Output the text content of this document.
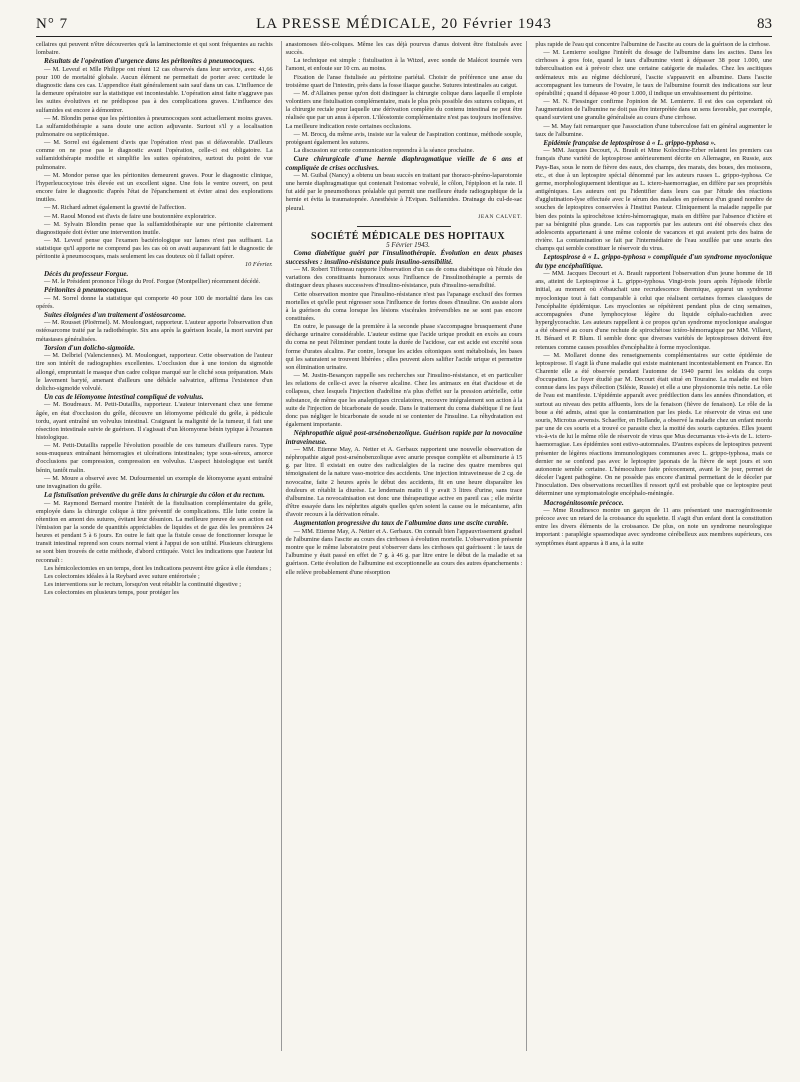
N° 7	LA PRESSE MÉDICALE, 20 Février 1943	83

cellaires qui peuvent n'être découvertes qu'à la laminectomie et qui sont fréquentes au rachis lombaire.

Résultats de l'opération d'urgence dans les péritonites à pneumocoques.

— M. Leveuf et Mlle Philippe ont réuni 12 cas observés dans leur service, avec 41,66 pour 100 de mortalité globale. Aucun élément ne permettait de porter avec certitude le diagnostic dans ces cas. L'appendice était généralement sain sauf dans un cas. L'influence de la demeure opératoire sur la statistique est incontestable. L'opération ainsi faite n'aggrave pas les suites évolutives et ne prédispose pas à des complications graves. L'influence des sulfamides est encore à démontrer.

— M. Blondin pense que les péritonites à pneumocoques sont actuellement moins graves. La sulfamidothérapie a sans doute une action adjuvante. Surtout s'il y a localisation pulmonaire ou septicémique.

— M. Sorrel est également d'avis que l'opération n'est pas si défavorable. D'ailleurs comme on ne pose pas le diagnostic avant l'opération, celle-ci est obligatoire. La sulfamidothérapie modifie et simplifie les suites opératoires, surtout du point de vue pulmonaire.

— M. Mondor pense que les péritonites demeurent graves. Pour le diagnostic clinique, l'hyperleucocytose très élevée est un excellent signe. Une fois le ventre ouvert, on peut encore faire le diagnostic d'après l'état de l'épanchement et éviter ainsi des explorations inutiles.

— M. Richard admet également la gravité de l'affection.

— M. Raoul Monod est d'avis de faire une boutonnière exploratrice.

— M. Sylvain Blondin pense que la sulfamidothérapie sur une péritonite clairement diagnostiquée doit éviter une intervention inutile.

— M. Leveuf pense que l'examen bactériologique sur lames n'est pas suffisant. La statistique qu'il apporte ne comprend pas les cas où on avait auparavant fait le diagnostic de péritonite à pneumocoques, mais seulement les cas douteux où il fallait opérer.

10 Février.

Décès du professeur Forgue.

— M. le Président prononce l'éloge du Prof. Forgue (Montpellier) récemment décédé.

Péritonites à pneumocoques.

— M. Sorrel donne la statistique qui comporte 40 pour 100 de mortalité dans les cas opérés.

Suites éloignées d'un traitement d'ostéosarcome.

— M. Rousset (Ploërmel). M. Moulonguet, rapporteur. L'auteur apporte l'observation d'un ostéosarcome traité par la radiothérapie. Six ans après la guérison locale, la mort survint par métastases généralisées.

Torsion d'un dolicho-sigmoïde.

— M. Delbriel (Valenciennes). M. Moulonguet, rapporteur. Cette observation de l'auteur tire son intérêt de radiographies excellentes. L'occlusion due à une torsion du sigmoïde allongé, empruntait le masque d'un cadre colique marqué sur le cliché sous préparation. Mais le lavement baryté, amenant d'ailleurs une débâcle salvatrice, affirma l'existence d'un dolicho-sigmoïde volvulé.

Un cas de léiomyome intestinal compliqué de volvulus.

— M. Boudreaux. M. Petit-Dutaillis, rapporteur. L'auteur intervenant chez une femme âgée, en état d'occlusion du grêle, découvre un léiomyome pédiculé du grêle, à pédicule tordu, ayant entraîné un volvulus intestinal. Craignant la malignité de la tumeur, il fait une résection intestinale suivie de guérison. Il s'agissait d'un léiomyome bénin typique à l'examen histologique.

— M. Petit-Dutaillis rappelle l'évolution possible de ces tumeurs d'ailleurs rares. Type sous-muqueux entraînant hémorragies et ulcérations intestinales; type sous-séreux, amorce d'occlusions par compression, compression en volvulus. L'aspect histologique est tantôt bénin, tantôt malin.

— M. Moure a observé avec M. Dufourmentel un exemple de léiomyome ayant entraîné une invagination du grêle.

La fistulisation préventive du grêle dans la chirurgie du côlon et du rectum.

— M. Raymond Bernard montre l'intérêt de la fistulisation complémentaire du grêle, employée dans la chirurgie colique à titre préventif de complications. Elle lutte contre la rétention en amont des sutures, évitant leur désunion. La meilleure preuve de son action est l'émission par la sonde de quantités appréciables de liquides et de gaz dès les premières 24 heures et pendant 5 à 6 jours. En outre le fait que la fistule cesse de fonctionner lorsque le transit intestinal reprend son cours normal vient à l'appui de son utilité. Plusieurs chirurgiens se sont bien trouvés de cette méthode, d'abord critiquée. Voici les indications que l'auteur lui reconnaît :

Les hémicolectomies en un temps, dont les indications peuvent être grâce à elle étendues ;

Les colectomies idéales à la Reybard avec suture entérorisée ;

Les interventions sur le rectum, lorsqu'on veut rétablir la continuité digestive ;

Les colectomies en plusieurs temps, pour protéger les

anastomoses iléo-coliques. Même les cas déjà pourvus d'anus doivent être fistulisés avec succès.

La technique est simple : fistulisation à la Witzel, avec sonde de Malécot tournée vers l'amont, et enfouie sur 10 cm. au moins.

Fixation de l'anse fistulisée au péritoine pariétal. Choisir de préférence une anse du troisième quart de l'intestin, près dans la fosse iliaque gauche. Sutures intestinales au catgut.

— M. d'Allaines pense qu'on doit distinguer la chirurgie colique dans laquelle il emploie volontiers une fistulisation complémentaire, mais le plus près possible des sutures coliques, et la chirurgie rectale pour laquelle une dérivation complète du contenu intestinal ne peut être réalisée que par un anus à éperon. L'iléostomie complémentaire n'est pas toujours inoffensive. La meilleure indication reste certaines occlusions.

— M. Brocq, du même avis, insiste sur la valeur de l'aspiration continue, méthode souple, protégeant également les sutures.

La discussion sur cette communication reprendra à la séance prochaine.

Cure chirurgicale d'une hernie diaphragmatique vieille de 6 ans et compliquée de crises occlusives.

— M. Guibal (Nancy) a obtenu un beau succès en traitant par thoraco-phréno-laparotomie une hernie diaphragmatique qui contenait l'estomac volvulé, le côlon, l'épiploon et la rate. Il fut aidé par le pneumothorax préalable qui permit une meilleure étude radiographique de la hernie et évita la traumatopnée. Anesthésie à l'Evipan. Sulfamides. Drainage du cul-de-sac pleural.

JEAN CALVET.

SOCIÉTÉ MÉDICALE DES HOPITAUX

5 Février 1943.

Coma diabétique guéri par l'insulinothérapie. Évolution en deux phases successives : insulino-résistance puis insulino-sensibilité.

— M. Robert Tiffeneau rapporte l'observation d'un cas de coma diabétique où l'étude des variations des constituants humoraux sous l'influence de l'insulinothérapie a permis de distinguer deux phases successives d'insulino-résistance, puis d'insulino-sensibilité.

Cette observation montre que l'insulino-résistance n'est pas l'apanage exclusif des formes mortelles et qu'elle peut régresser sous l'influence de fortes doses d'insuline. On assiste alors à la guérison du coma lorsque les lésions viscérales irréversibles ne se sont pas encore constituées.

En outre, le passage de la première à la seconde phase s'accompagne brusquement d'une décharge urinaire considérable. L'auteur estime que l'acide urique produit en excès au cours du coma ne peut l'éliminer pendant toute la durée de l'acidose, car est acide est excrété sous forme d'urates alcalins. Par contre, lorsque les acides cétoniques sont métabolisés, les bases qui les saturaient se trouvent libérées ; elles peuvent alors salifier l'acide urique et permettre son élimination urinaire.

— M. Justin-Besançon rappelle ses recherches sur l'insulino-résistance, et en particulier les relations de celle-ci avec la réserve alcaline. Chez les animaux en état d'acidose et de collapsus, chez lesquels l'injection d'adréline n'a plus d'effet sur la pression artérielle, cette substance, de même que les analeptiques circulatoires, recouvre intégralement son action à la suite de l'injection de bicarbonate de soude. Dans le traitement du coma diabétique il ne faut donc pas négliger le bicarbonate de soude ni se contenter de l'insuline. La réhydratation est également importante.

Néphropathie aiguë post-arsénobenzolique. Guérison rapide par la novocaïne intraveineuse.

— MM. Etienne May, A. Netter et A. Gerbaux rapportent une nouvelle observation de néphropathie aiguë post-arsénobenzolique avec anurie presque complète et albuminurie à 15 g. par litre. Il existait en outre des radiculalgies de la racine des quatre membres qui témoignaient de la nature vaso-motrice des accidents. Une injection intraveineuse de 2 cg. de novocaïne, faite 2 heures après le début des accidents, fit en une heure disparaître les douleurs et rétablit la diurèse. Le lendemain matin il y avait 3 litres d'urine, sans trace d'albumine. La novocaïnisation est donc une thérapeutique active en pareil cas ; elle mérite d'être essayée dans les néphrites aiguës quelles qu'en soient la cause ou le mécanisme, afin d'avoir recours à la dérivation rénale.

Augmentation progressive du taux de l'albumine dans une ascite curable.

— MM. Etienne May, A. Netter et A. Gerbaux. On connaît bien l'appauvrissement graduel de l'albumine dans l'ascite au cours des cirrhoses à évolution mortelle. L'observation présente montre que le même laboratoire peut s'observer dans les cirrhoses qui guérissent : le taux de l'albumine y était passé en effet de 7 g. à 46 g. par litre entre le début de la maladie et sa guérison. Cette évolution de l'albumine est exceptionnelle au cours des autres épanchements : elle relève probablement d'une résorption

plus rapide de l'eau qui concentre l'albumine de l'ascite au cours de la guérison de la cirrhose.

— M. Lemierre souligne l'intérêt du dosage de l'albumine dans les ascites. Dans les cirrhoses à gros foie, quand le taux d'albumine vient à dépasser 38 pour 1.000, une tuberculisation est à prévoir chez une certaine catégorie de malades. Chez les ascitiques œdémateux mis au régime déchloruré, l'ascite s'appauvrit en albumine. Dans l'ascite accompagnant les tumeurs de l'ovaire, le taux de l'albumine fournit des indications sur leur opérabilité ; quand il dépasse 40 pour 1.000, il indique un envahissement du péritoine.

— M. N. Fiessinger confirme l'opinion de M. Lemierre. Il est des cas cependant où l'augmentation de l'albumine ne doit pas être interprétée dans un sens favorable, par exemple, quand survient une granulie généralisée au cours d'une cirrhose.

— M. May fait remarquer que l'association d'une tuberculose fait en général augmenter le taux de l'albumine.

Epidémie française de leptospirose à « L. grippo-typhosa ».

— MM. Jacques Decourt, A. Brault et Mme Kolochine-Erber relatent les premiers cas français d'une variété de leptospirose antérieurement décrite en Allemagne, en Russie, aux Pays-Bas, sous le nom de fièvre des eaux, des champs, des marais, des boues, des moissons, etc., et due à un leptospire spécial dénommé par les auteurs russes L. grippo-typhosa. Ce germe, morphologiquement identique au L. ictero-haemorragiae, en diffère par ses propriétés antigéniques. Les auteurs ont pu l'identifier dans leurs cas par l'étude des réactions d'agglutination-lyse effectuée avec le sérum des malades en présence d'un grand nombre de souches de leptospires conservées à l'Institut Pasteur. Cliniquement la maladie rappelle par bien des points la spirochétose ictéro-hémorragique, mais en diffère par l'absence d'ictère et par sa bénignité plus grande. Les cas rapportés par les auteurs ont été observés chez des adolescents appartenant à une même colonie de vacances et qui avaient pris des bains de rivière. La contamination se fait par l'intermédiaire de l'eau souillée par une souris des champs qui semble constituer le réservoir du virus.

Leptospirose à « L. grippo-typhosa » compliquée d'un syndrome myoclonique du type encéphalitique.

— MM. Jacques Decourt et A. Brault rapportent l'observation d'un jeune homme de 18 ans, atteint de Leptospirose à L. grippo-typhosa. Vingt-trois jours après l'épisode fébrile initial, au moment où s'ébauchait une recrudescence thermique, apparut un syndrome myoclonique tout à fait comparable à celui que réalisent certaines formes classiques de l'encéphalite épidémique. Les myoclonies se répétèrent pendant plus de cinq semaines, accompagnées d'une lymphocytose légère du liquide céphalo-rachidien avec hyperglycorachie. Les auteurs rappellent à ce propos qu'un syndrome myoclonique analogue a été observé au cours d'une rechute de spirochétose ictéro-hémorragique par MM. Villaret, H. Bénard et P. Blum. Il semble donc que diverses variétés de leptospiroses doivent être retenues comme causes possibles d'encéphalite à forme myoclonique.

— M. Mollaret donne des renseignements complémentaires sur cette épidémie de leptospirose. Il s'agit là d'une maladie qui existe maintenant incontestablement en France. En Charente elle a été observée pendant l'automne de 1940 parmi les soldats du corps d'occupation. Le foyer étudié par M. Decourt était situé en Touraine. La maladie est bien connue dans les pays d'élection (Silésie, Russie) et elle a une physionomie très nette. Le rôle de l'eau est manifeste. L'épidémie apparaît avec prédilection dans les années d'inondation, et surtout au niveau des petits affluents, lors de la fenaison (fièvre de fenaison). Le rôle de la boue a été admis, ainsi que la contamination par les pieds. Le réservoir de virus est une souris, Microtus arvensis. Schaeffer, en Hollande, a observé la maladie chez un enfant mordu par une de ces souris et a trouvé ce parasite chez la moitié des souris capturées. Elles jouent vis-à-vis de lui le même rôle de réservoir de virus que Mus decumanus vis-à-vis de L. ictero-haemorragiae. Les épidémies sont estivo-automnales. D'autres espèces de leptospires peuvent présenter de légères réactions immunologiques communes avec L. grippo-typhosa, mais ce dernier ne se confond pas avec le leptospire japonais de la fièvre de sept jours et son autonomie semble certaine. L'hémoculture faite précocement, avant le 3e jour, permet de déceler l'agent pathogène. On ne possède pas encore d'animal permettant de le déceler par l'inoculation. Des observations recueillies il ressort qu'il est probable que ce leptospire peut déterminer une symptomatologie encéphalo-méningée.

Macrogénitosomie précoce.

— Mme Roudinesco montre un garçon de 11 ans présentant une macrogénitosomie précoce avec un retard de la croissance du squelette. Il s'agit d'un enfant dont la constitution entre les divers éléments de la croissance. De plus, on note un syndrome neurologique important : paraplégie spasmodique avec syndrome cérébelleux aux membres supérieurs, ces symptômes étant apparus à 8 ans, à la suite
